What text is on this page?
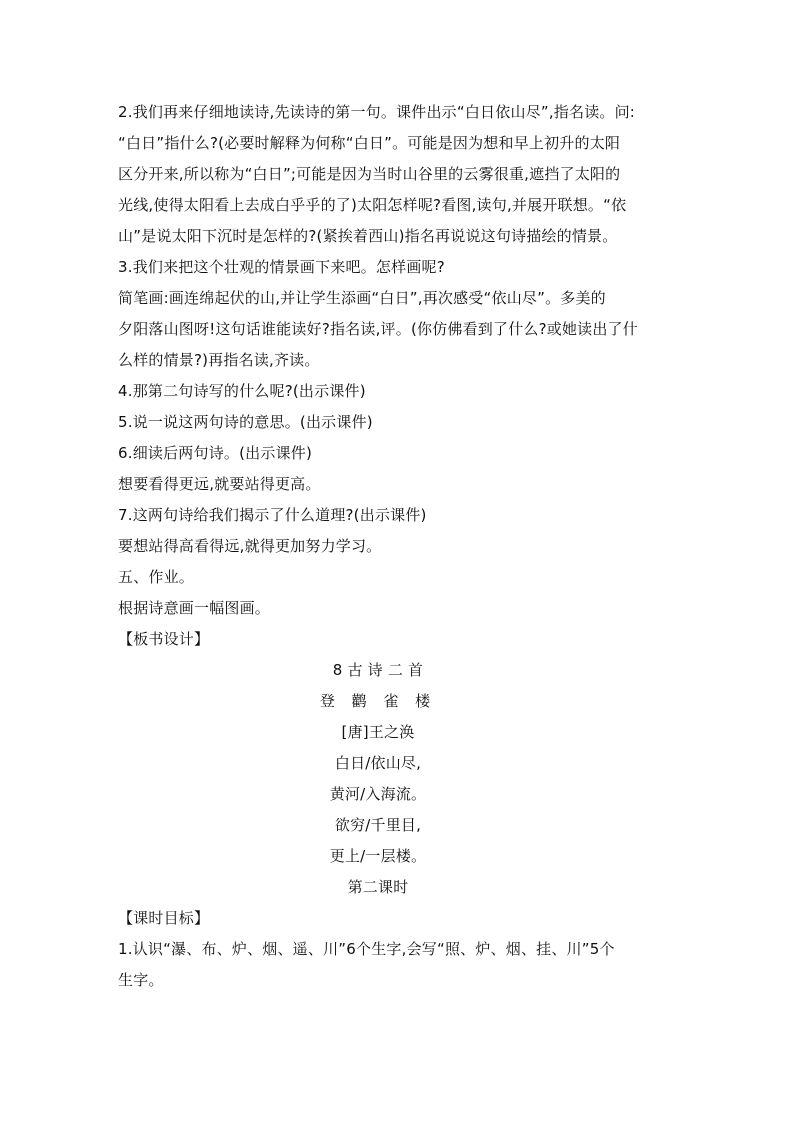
2.我们再来仔细地读诗,先读诗的第一句。课件出示“白日依山尽”,指名读。问:
“白日”指什么?(必要时解释为何称“白日”。可能是因为想和早上初升的太阳
区分开来,所以称为“白日”;可能是因为当时山谷里的云雾很重,遮挡了太阳的
光线,使得太阳看上去成白乎乎的了)太阳怎样呢?看图,读句,并展开联想。“依
山”是说太阳下沉时是怎样的?(紧挨着西山)指名再说说这句诗描绘的情景。
3.我们来把这个壮观的情景画下来吧。怎样画呢?
简笔画:画连绵起伏的山,并让学生添画“白日”,再次感受“依山尽”。多美的
夕阳落山图呀!这句话谁能读好?指名读,评。(你仿佛看到了什么?或她读出了什
么样的情景?)再指名读,齐读。
4.那第二句诗写的什么呢?(出示课件)
5.说一说这两句诗的意思。(出示课件)
6.细读后两句诗。(出示课件)
想要看得更远,就要站得更高。
7.这两句诗给我们揭示了什么道理?(出示课件)
要想站得高看得远,就得更加努力学习。
五、作业。
根据诗意画一幅图画。
【板书设计】
8 古 诗 二 首
登 鹳 雀 楼
[唐]王之涣
白日/依山尽,
黄河/入海流。
欲穷/千里目,
更上/一层楼。
第二课时
【课时目标】
1.认识“瀑、布、炉、烟、遥、川”6个生字,会写“照、炉、烟、挂、川”5个
生字。
